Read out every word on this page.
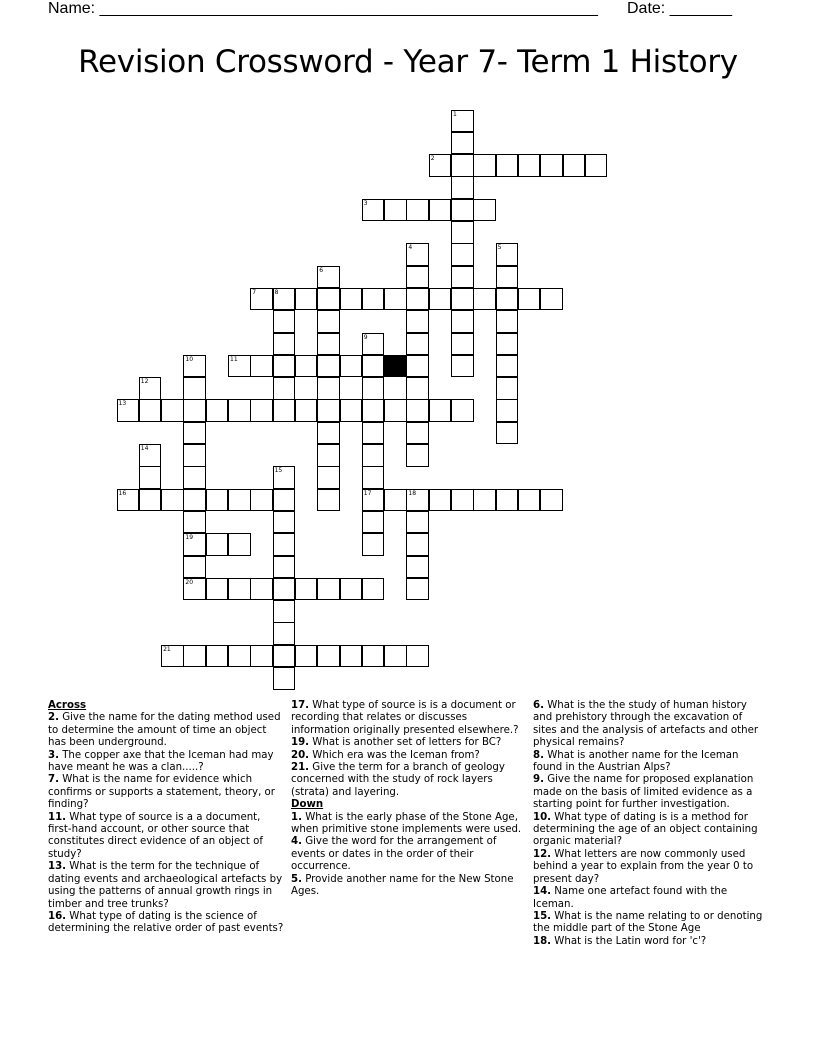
Name: ________________________________________________________ Date: _______
Revision Crossword - Year 7- Term 1 History
1
2
3
4	5
6
7	8
9
17
10
19
11
12
13
14
15
16	18
20
21
Across
2. Give the name for the dating method used to determine the amount of time an object has been underground.
3. The copper axe that the Iceman had may have meant he was a clan.....?
7. What is the name for evidence which confirms or supports a statement, theory, or finding?
11. What type of source is a a document, first-hand account, or other source that constitutes direct evidence of an object of study?
13. What is the term for the technique of dating events and archaeological artefacts by using the patterns of annual growth rings in timber and tree trunks?
16. What type of dating is the science of determining the relative order of past events?
17. What type of source is is a document or recording that relates or discusses information originally presented elsewhere.?
19. What is another set of letters for BC?
20. Which era was the Iceman from?
21. Give the term for a branch of geology concerned with the study of rock layers (strata) and layering.
Down
1. What is the early phase of the Stone Age, when primitive stone implements were used.
4. Give the word for the arrangement of events or dates in the order of their occurrence.
5. Provide another name for the New Stone Ages.
6. What is the the study of human history and prehistory through the excavation of sites and the analysis of artefacts and other physical remains?
8. What is another name for the Iceman found in the Austrian Alps?
9. Give the name for proposed explanation made on the basis of limited evidence as a starting point for further investigation.
10. What type of dating is is a method for determining the age of an object containing organic material?
12. What letters are now commonly used behind a year to explain from the year 0 to present day?
14. Name one artefact found with the Iceman.
15. What is the name relating to or denoting the middle part of the Stone Age
18. What is the Latin word for 'c'?
